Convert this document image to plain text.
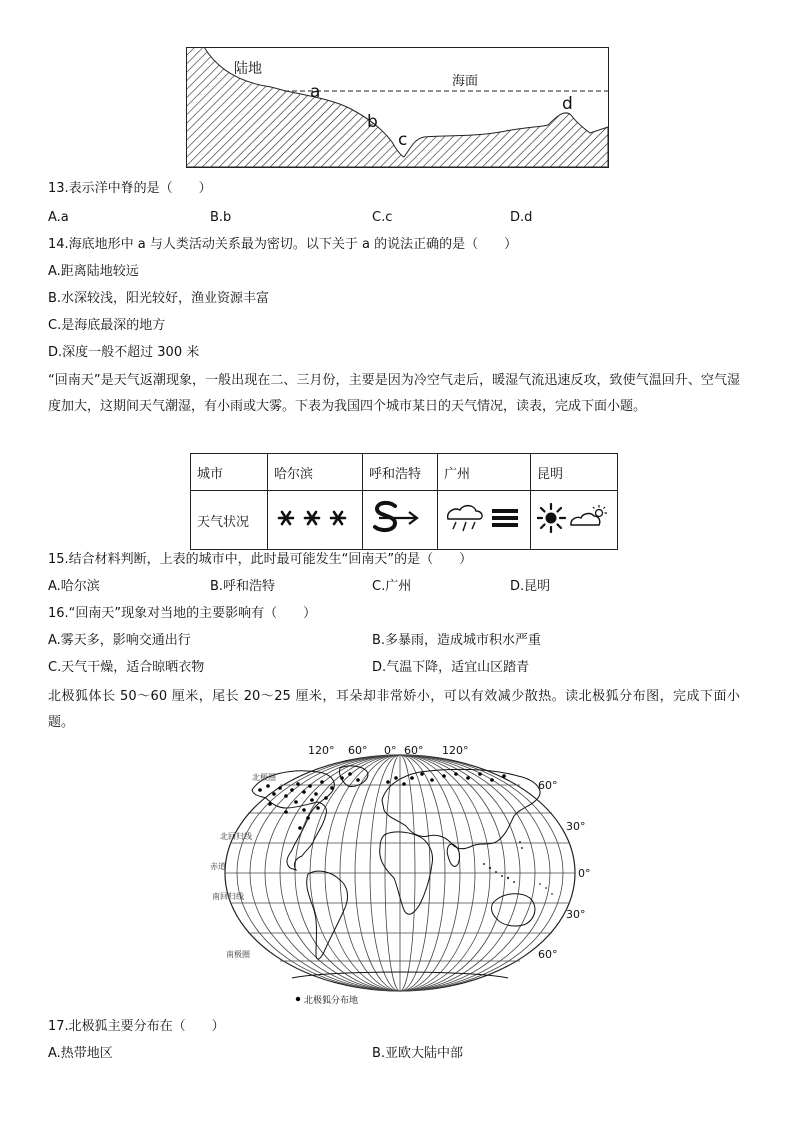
陆地
海面
a
b
c
d
13.表示洋中脊的是（　　）
A.a	B.b	C.c	D.d
14.海底地形中 a 与人类活动关系最为密切。以下关于 a 的说法正确的是（　　）
A.距离陆地较远
B.水深较浅，阳光较好，渔业资源丰富
C.是海底最深的地方
D.深度一般不超过 300 米
“回南天”是天气返潮现象，一般出现在二、三月份，主要是因为冷空气走后，暖湿气流迅速反攻，致使气温回升、空气湿度加大，这期间天气潮湿，有小雨或大雾。下表为我国四个城市某日的天气情况，读表，完成下面小题。
城市	哈尔滨	呼和浩特	广州	昆明
天气状况				
15.结合材料判断，上表的城市中，此时最可能发生“回南天”的是（　　）
A.哈尔滨	B.呼和浩特	C.广州	D.昆明
16.“回南天”现象对当地的主要影响有（　　）
A.雾天多，影响交通出行	B.多暴雨，造成城市积水严重
C.天气干燥，适合晾晒衣物	D.气温下降，适宜山区踏青
北极狐体长 50～60 厘米，尾长 20～25 厘米，耳朵却非常娇小，可以有效减少散热。读北极狐分布图，完成下面小题。
120° 60° 0° 60° 120°
北极圈
北回归线
赤道
南回归线
南极圈
60°
30°
0°
30°
60°
北极狐分布地
17.北极狐主要分布在（　　）
A.热带地区	B.亚欧大陆中部
